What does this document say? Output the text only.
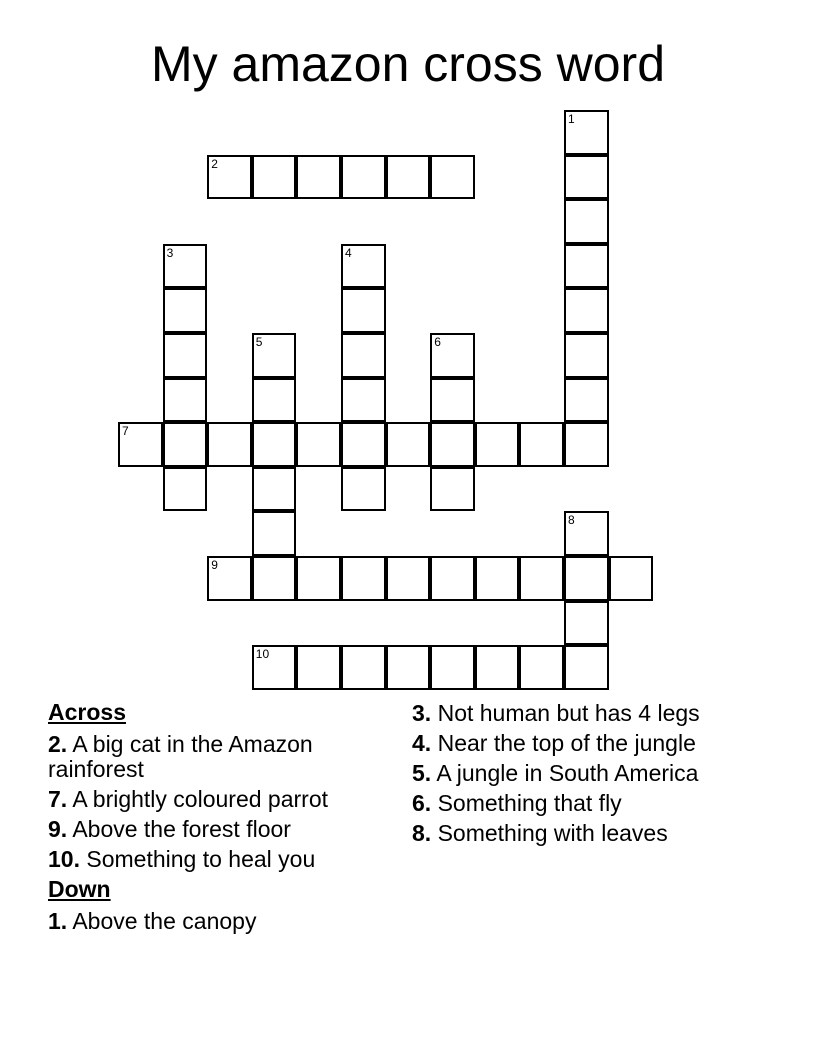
My amazon cross word
1
2
3	4
5	6
7
8
9
10
Across
2. A big cat in the Amazon rainforest
7. A brightly coloured parrot
9. Above the forest floor
10. Something to heal you
Down
1. Above the canopy
3. Not human but has 4 legs
4. Near the top of the jungle
5. A jungle in South America
6. Something that fly
8. Something with leaves
